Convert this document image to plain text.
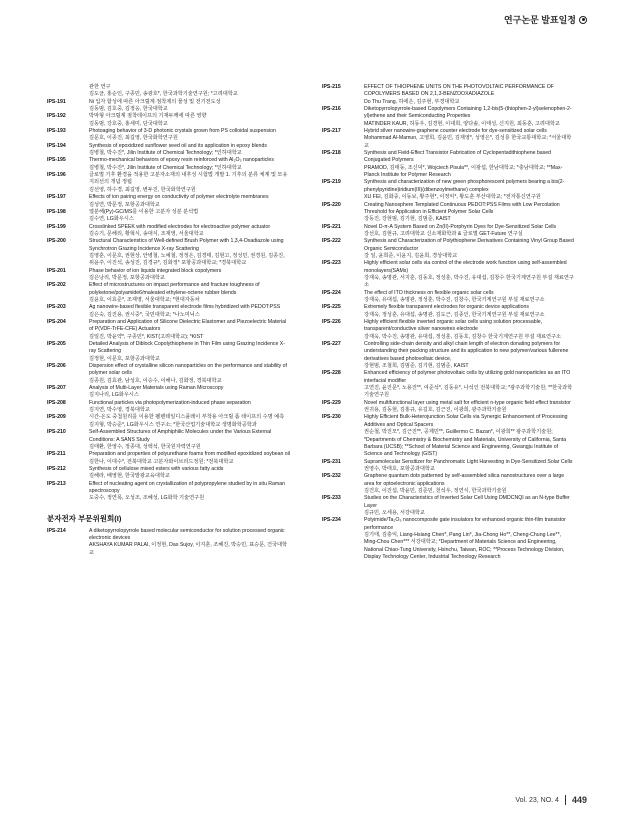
연구논문 발표일정
관한 연구
김도균, 홍순인, 구종민, 송광호*, 한국과학기술연구원; *고려대학교
IPS-191	Ni 입자 합성에 따른 아크릴계 점착제의 물성 및 전기전도성
김동범, 김호중, 김정웅, 한국대학교
IPS-192	박막형 아크릴계 점착테이프의 기재두께에 따른 영향
김동범, 강호중, 홍세미, 단국대학교
IPS-193	Photoaging behavior of 3-D photonic crystals grown from PS colloidal suspension
김문호, 이종진, 최길영, 한국화학연구원
IPS-194	Synthesis of epoxidized sunflower seed oil and its application in epoxy blends
김병철, 박수진*, Jilin Institute of Chemical Technology; *인하대학교
IPS-195	Thermo-mechanical behaviors of epoxy resin reinforced with Al₂O₃ nanoparticles
김병철, 박수진*, Jilin Institute of Chemical Technology; *인하대학교
IPS-196	글로벌 기후 환경을 적용한 고분자소재의 내후성 시험법 개발 1. 기후의 분류 체계 및 모유 지외선의 개념 정립
김선영, 하수경, 최길영, 변두진, 한국화학연구원
IPS-197	Effects of ion pairing energy on conductivity of polymer electrolyte membranes
김성연, 박문정, 포항공과대학교
IPS-198	열분해(Py)-GC/MS를 이용한 고분자 성분 분석법
김수연, LG화우시스
IPS-199	Crosslinked SPEEK with modified electrodes for electroactive polymer actuator
김승기, 문해리, 황혁식, 송대식, 조재영, 서울대학교
IPS-200	Structural Characteristics of Well-defined Brush Polymer with 1,3,4-Oxadiazole using Synchrotron Grazing Incidence X-ray Scattering
김영훈, 이문호, 권현상, 안병철, 노예철, 정정은, 김경태, 김현고, 정성민, 권경원, 김종진, 위윤주, 이진석, 송성진, 김경규*, 김화정* 포항공과대학교; *경북대학교
IPS-201	Phase behavior of ion liquids integrated block copolymers
김은낭리, 박문정, 포항공과대학교
IPS-202	Effect of microstructures on impact performance and fracture toughness of polyketone/polyamide6/maleated ethylene-octene rubber blends
김윤호, 이효준*, 조재영, 서울대학교; *현대자동차
IPS-203	Ag nanowire-based flexible transparent electrode films hybridized with PEDOT:PSS
김은숙, 김진용, 권시중*, 국민대학교; *나노미닉스
IPS-204	Preparation and Application of Silicone Dielectric Elastomer and Piezoelectric Material of P(VDF-TrFE-CFE) Actuators
김일진, 박윤약*, 구종민*, KIST(고려대학교); *KIST
IPS-205	Detailed Analysis of Diblock Copolythiophene in Thin Film using Grazing Incidence X-ray Scattering
김정현, 이문호, 포항공과대학교
IPS-206	Dispersion effect of crystalline silicon nanoparticles on the performance and stability of polymer solar cells
김종원, 김효관, 남성호, 이승수, 이해나, 김화정, 경북대학교
IPS-207	Analysis of Multi-Layer Materials using Raman Microscopy
김지나리, LG화우시스
IPS-208	Functional particles via photopolymerization-induced phase separation
김지연, 박수영, 경북대학교
IPS-209	시간-온도 중첩원리를 이용한 펠렌테일디스플레이 부착용 아크릴 폼 테이프의 수명 예측
김지형, 박승준*, LG화우시스 연구소; *한국산업기술대학교 생명화학공학과
IPS-210	Self-Assembled Structures of Amphiphilic Molecules under the Various External Conditions: A SANS Study
김태환, 한영수, 정종대, 성백석, 한국원자력연구원
IPS-211	Preparation and properties of polyurethane foams from modified epoxidized soybean oil
김한나, 이대수*, 전북대학교 고분자와이브리드정원; *전북대학교
IPS-212	Synthesis of cellulose mixed esters with various fatty acids
김해라, 배영현, 한국발광교육대학교
IPS-213	Effect of nucleating agent on crystallization of polypropylene studied by in situ Raman spectroscopy
도중수, 정연목, 오성조, 조혜성, LG화학 기술연구원
분자전자 부문위원회(I)
IPS-214	A diketopyrrolopyrrole based molecular semiconductor for solution processed organic electronic devices
AKSHAYA KUMAR PALAI, 이정현, Das Sujoy, 이지훈, 조혜진, 박승민, 표승문, 건국대학교
IPS-215	EFFECT OF THIOPHENE UNITS ON THE PHOTOVOLTAIC PERFORMANCE OF COPOLYMERS BASED ON 2,1,3-BENZOOXADIAZOLE
Do Thu Trang, 하에은, 김주현, 부경대학교
IPS-216	Diketopyrrolopyrrole-based Copolymers Containing 1,2-bis(5-(thiophen-2-yl)selenophen-2-yl)ethene and their Semiconducting Properties
MATINDER KAUR, 허동우, 김경현, 이대희, 양다솔, 이태성, 신지원, 최동훈, 고려대학교
IPS-217	Hybrid silver nanowire-graphene counter electrode for dye-sensitized solar cells
Mohammad Al-Mamun, 고영희, 김윤민, 김재영*, 성영은*, 김성룡 한국교통대학교; *서울대학교
IPS-218	Synthesis and Field-Effect Transistor Fabrication of Cyclopentadithiophene based Conjugated Polymers
PRAMOD, 김태동, 조신덕*, Wojciech Pisula**, 이광섭, 한남대학교; *충남대학교; **Max-Planck Institute for Polymer Research
IPS-219	Synthesis and characterization of new green phosphorescent polymers bearing a bis(2-phenylpyridine)iridium(III)(dibenzoylmethane) complex
XU FEI, 김화중, 이동보, 황주현*, 이정익*, 황도훈 부산대학교; *전자통신연구원
IPS-220	Creating Nanosphere Templated Continuous PEDOT:PSS Films with Low Percolation Threshold for Application in Efficient Polymer Solar Cells
강동진, 강현범, 김기현, 김범준, KAIST
IPS-221	Novel D-π-A System Based on Zn(II)-Porphyrin Dyes for Dye-Sensitized Solar Cells
강선호, 김현규, 고려대학교 신소재화학과 & 글로벌 GET-Future 연구실
IPS-222	Synthesis and Characterization of Polythiophene Derivatives Containing Vinyl Group Based Organic Semiconductor
강 일, 윤희준, 이윤지, 김윤희, 경상대학교
IPS-223	Highly efficient solar cells via control of the electrode work function using self-assembled monolayers(SAMs)
강재욱, 송명관, 서지훈, 김동호, 정성훈, 박수진, 유대섭, 김창수 한국기계연구원 부설 재료연구소
IPS-224	The effect of ITO thickness on flexible organic solar cells
강재욱, 유대섭, 송명관, 정성훈, 박수진, 김창수, 한국기계연구원 부설 재료연구소
IPS-225	Extremely flexible transparent electrodes for organic device applications
강재욱, 정성훈, 유대섭, 송명관, 김도근, 김종인, 한국기계연구원 부설 재료연구소
IPS-226	Highly efficient flexible inverted organic solar cells using solution processable, transparent/conductive silver nanowires electrode
강재욱, 박수진, 송명관, 유대섭, 정성훈, 김동호, 김창수 한국기계연구원 부설 재료연구소
IPS-227	Controlling side-chain density and alkyl chain length of electron donating polymers for understanding their packing structure and its application to new polymer/various fullerene derivatives based photovoltaic device,
강현범, 조철희, 김범준, 김기현, 김범준, KAIST
IPS-228	Enhanced efficiency of polymer photovoltaic cells by utilizing gold nanoparticles as an ITO interfacial modifier
고연진, 윤진문*, 노용진**, 여준석*, 김동유*, 나석인 전북대학교; *광주과학기술원; **한국과학기술연구원
IPS-229	Novel multifunctional layer using metal salt for efficient n-type organic field effect transistor
권귀용, 김동현, 김홍규, 유길호, 김근진, 이광희, 광주과학기술원
IPS-230	Highly Efficient Bulk-Heterojunction Solar Cells via Synergic Enhancement of Processing Additives and Optical Spacers
권순철, 박진모*, 김근진**, 공제민**, Guillermo C. Bazan*, 이광희** 광주과학기술원; *Departments of Chemistry & Biochemistry and Materials, University of California, Santa Barbara (UCSB); **School of Material Science and Engineering, Gwangju Institute of Science and Technology (GIST)
IPS-231	Supramolecular Sensitizer for Panchromatic Light Harvesting in Dye-Sensitized Solar Cells
권영수, 박태호, 포항공과대학교
IPS-232	Graphene quantum dots patterned by self-assembled silica nanostructures over a large area for optoelectronic applications
김건호, 이진섭, 박윤민, 김준민, 천석우, 정연식, 한국과학기술원
IPS-233	Studies on the Characteristics of Inverted Solar Cell Using DMDCNQI as an N-type Buffer Layer
김규민, 오세용, 서강대학교
IPS-234	Polyimide/Ta₂O₅ nanocomposite gate insulators for enhanced organic thin-film transistor performance
김기태, 김충익, Liang-Hsiang Chen*, Pang Lin*, Jia-Chong Ho**, Cheng-Chung Lee**, Ming-Chou Chen*** 서강대학교; *Department of Materials Science and Engineering, National Chiao-Tung University, Hsinchu, Taiwan, ROC; **Process Technology Division, Display Technology Center, Industrial Technology Research
Vol. 23, NO. 4	449
